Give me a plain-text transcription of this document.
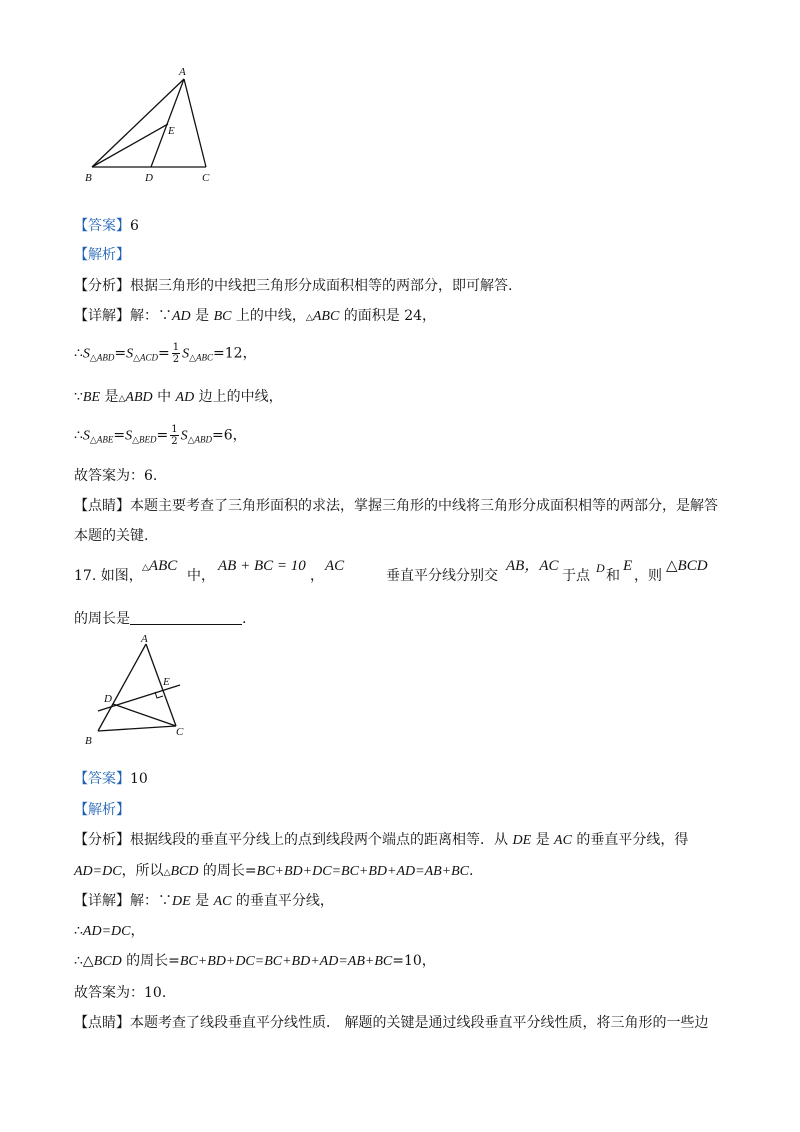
A
E
B	D	C
【答案】6
【解析】
【分析】根据三角形的中线把三角形分成面积相等的两部分，即可解答.
【详解】解：∵AD 是 BC 上的中线，△ABC 的面积是 24，
$\therefore S_{\triangle ABD}=S_{\triangle ACD}= \frac{1}{2} S_{\triangle ABC}=12$，
∵BE 是△ABD 中 AD 边上的中线，
$\therefore S_{\triangle ABE}=S_{\triangle BED}= \frac{1}{2} S_{\triangle ABD}=6$，
故答案为：6.
【点睛】本题主要考查了三角形面积的求法，掌握三角形的中线将三角形分成面积相等的两部分，是解答
本题的关键.
17. 如图， △ABC
中，
AB + BC = 10
，
AC
垂直平分线分别交
AB，AC
于点 D 和
E
，则
△BCD
的周长是	.
A
E
D
B
C
【答案】10
【解析】
【分析】根据线段的垂直平分线上的点到线段两个端点的距离相等．从 DE 是 AC 的垂直平分线，得
AD=DC，所以△BCD 的周长=BC+BD+DC=BC+BD+AD=AB+BC.
【详解】解：∵DE 是 AC 的垂直平分线，
∴AD=DC，
∴△BCD 的周长=BC+BD+DC=BC+BD+AD=AB+BC=10，
故答案为：10.
【点睛】本题考查了线段垂直平分线性质． 解题的关键是通过线段垂直平分线性质，将三角形的一些边
